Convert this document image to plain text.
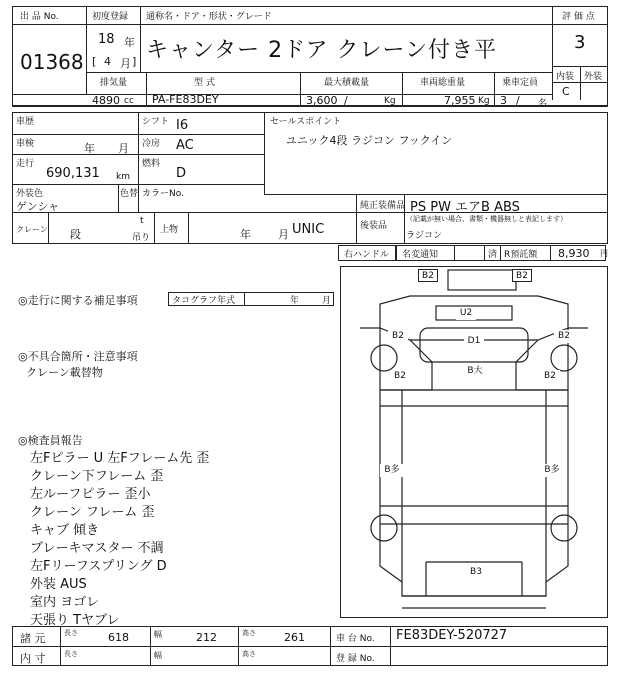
出 品 No.
01368
初度登録 通称名・ドア・形状・グレード
18 年
[ 4 月 ] キャンター 2ドア クレーン付き平
評 価 点
3
内装 外装
C
排気量	型 式	最大積載量	車両総重量	乗車定員
4890 cc PA-FE83DEY	3,600 /	Kg	7,955 Kg 3 / 名
車歴	シフト I6
車検	年 月 冷房 AC
走行
690,131 km
燃料
D
外装色
ゲンシャ
色替 カラーNo.
セールスポイント
ユニック4段 ラジコン フックイン
純正装備品 PS PW エアB ABS
後装品
（記載が無い場合、書類・機器無しと表記します）
ラジコン
クレーン 段
t
吊り
上物	年 月 UNIC
右ハンドル 名変通知	済 R預託額 8,930 円
◎走行に関する補足事項	タコグラフ年式	年	月
◎不具合箇所・注意事項
クレーン載替物
◎検査員報告
左Fピラー U 左Fフレーム先 歪
クレーン下フレーム 歪
左ルーフピラー 歪小
クレーン フレーム 歪
キャブ 傾き
ブレーキマスター 不調
左Fリーフスプリング D
外装 AUS
室内 ヨゴレ
天張り Tヤブレ
B2	B2
U2
B2	D1	B2
B2	B大	B2
B多	B多
B3
諸 元	長さ	618	幅	212	高さ	261	車 台 No. FE83DEY-520727
内 寸	長さ	幅	高さ	登 録 No.
